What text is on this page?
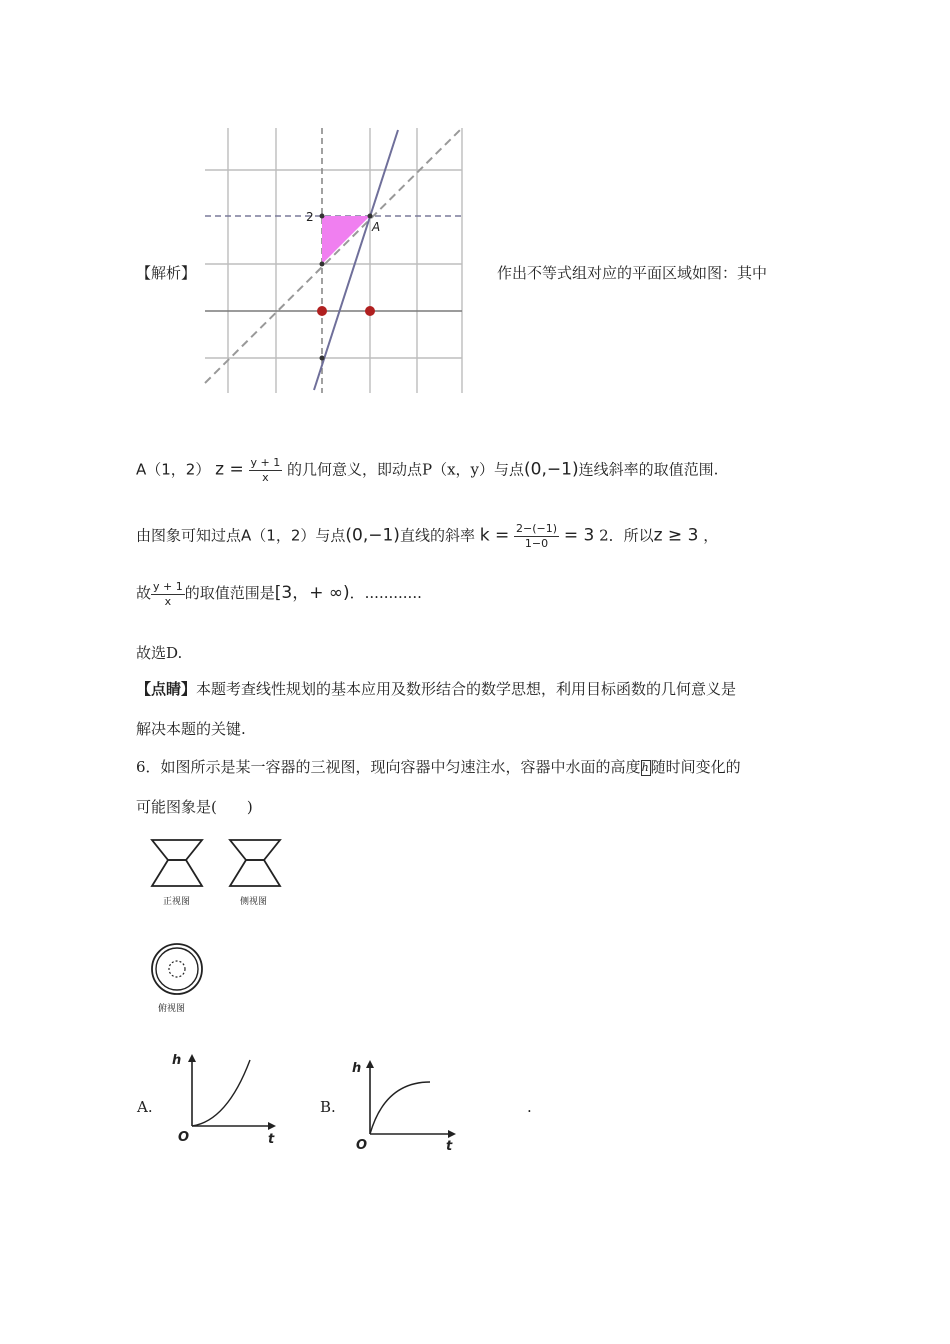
2
A
【解析】	作出不等式组对应的平面区域如图：其中
A（1，2） $z = \frac{y + 1}{x}$ 的几何意义，即动点P（x，y）与点(0,−1)连线斜率的取值范围.
由图象可知过点A（1，2）与点(0,−1)直线的斜率 $k = \frac{2-(-1)}{1-0} = 3$ 2．所以z ≥ 3 ，
故 $\frac{y + 1}{x}$ 的取值范围是[3，+ ∞)．............
故选D.
【点睛】本题考查线性规划的基本应用及数形结合的数学思想，利用目标函数的几何意义是
解决本题的关键.
6．如图所示是某一容器的三视图，现向容器中匀速注水，容器中水面的高度h 随时间变化的
可能图象是(　　)
正视图	侧视图
俯视图
A.
h
t
O
B.
h
t
O
.
